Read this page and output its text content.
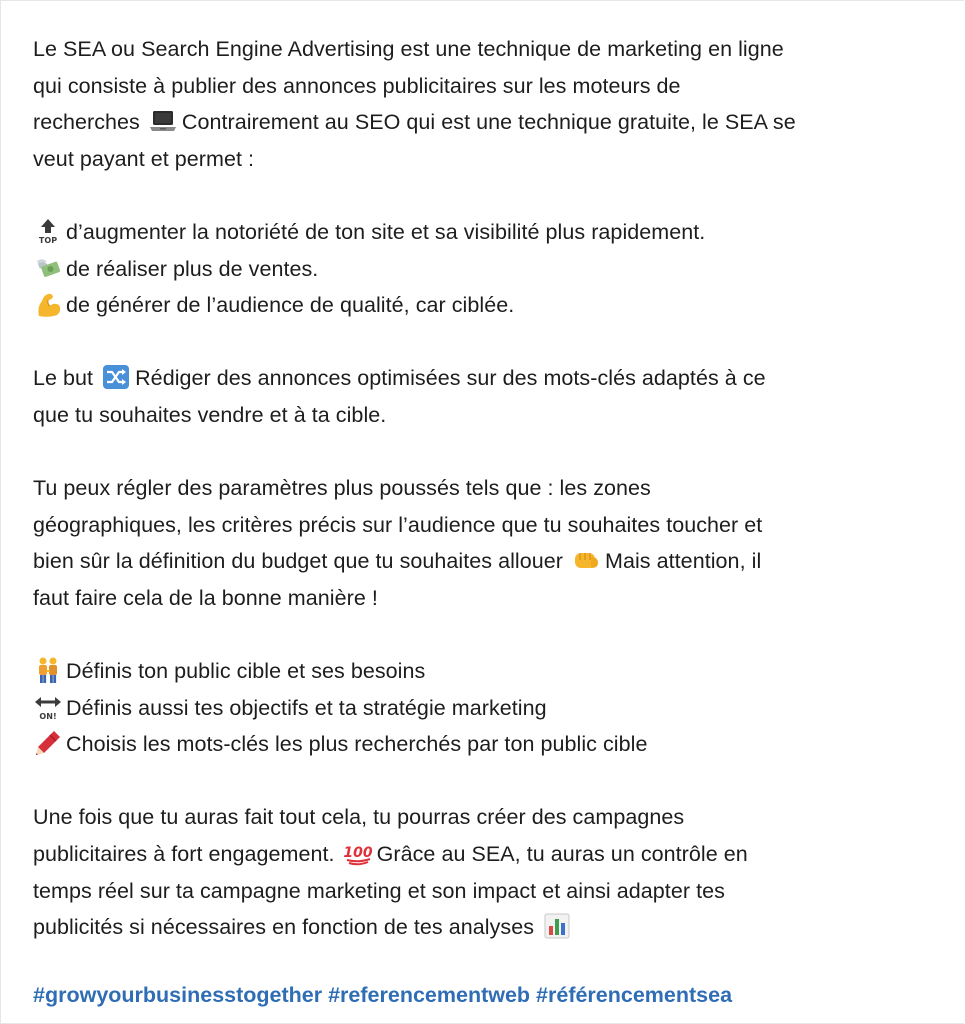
Le SEA ou Search Engine Advertising est une technique de marketing en ligne
qui consiste à publier des annonces publicitaires sur les moteurs de
recherches Contrairement au SEO qui est une technique gratuite, le SEA se
veut payant et permet :
TOP d’augmenter la notoriété de ton site et sa visibilité plus rapidement.
de réaliser plus de ventes.
de générer de l’audience de qualité, car ciblée.
Le but Rédiger des annonces optimisées sur des mots-clés adaptés à ce
que tu souhaites vendre et à ta cible.
Tu peux régler des paramètres plus poussés tels que : les zones
géographiques, les critères précis sur l’audience que tu souhaites toucher et
bien sûr la définition du budget que tu souhaites allouer Mais attention, il
faut faire cela de la bonne manière !
Définis ton public cible et ses besoins
ON! Définis aussi tes objectifs et ta stratégie marketing
Choisis les mots-clés les plus recherchés par ton public cible
Une fois que tu auras fait tout cela, tu pourras créer des campagnes
publicitaires à fort engagement. 100 Grâce au SEA, tu auras un contrôle en
temps réel sur ta campagne marketing et son impact et ainsi adapter tes
publicités si nécessaires en fonction de tes analyses
#growyourbusinesstogether #referencementweb #référencementsea
